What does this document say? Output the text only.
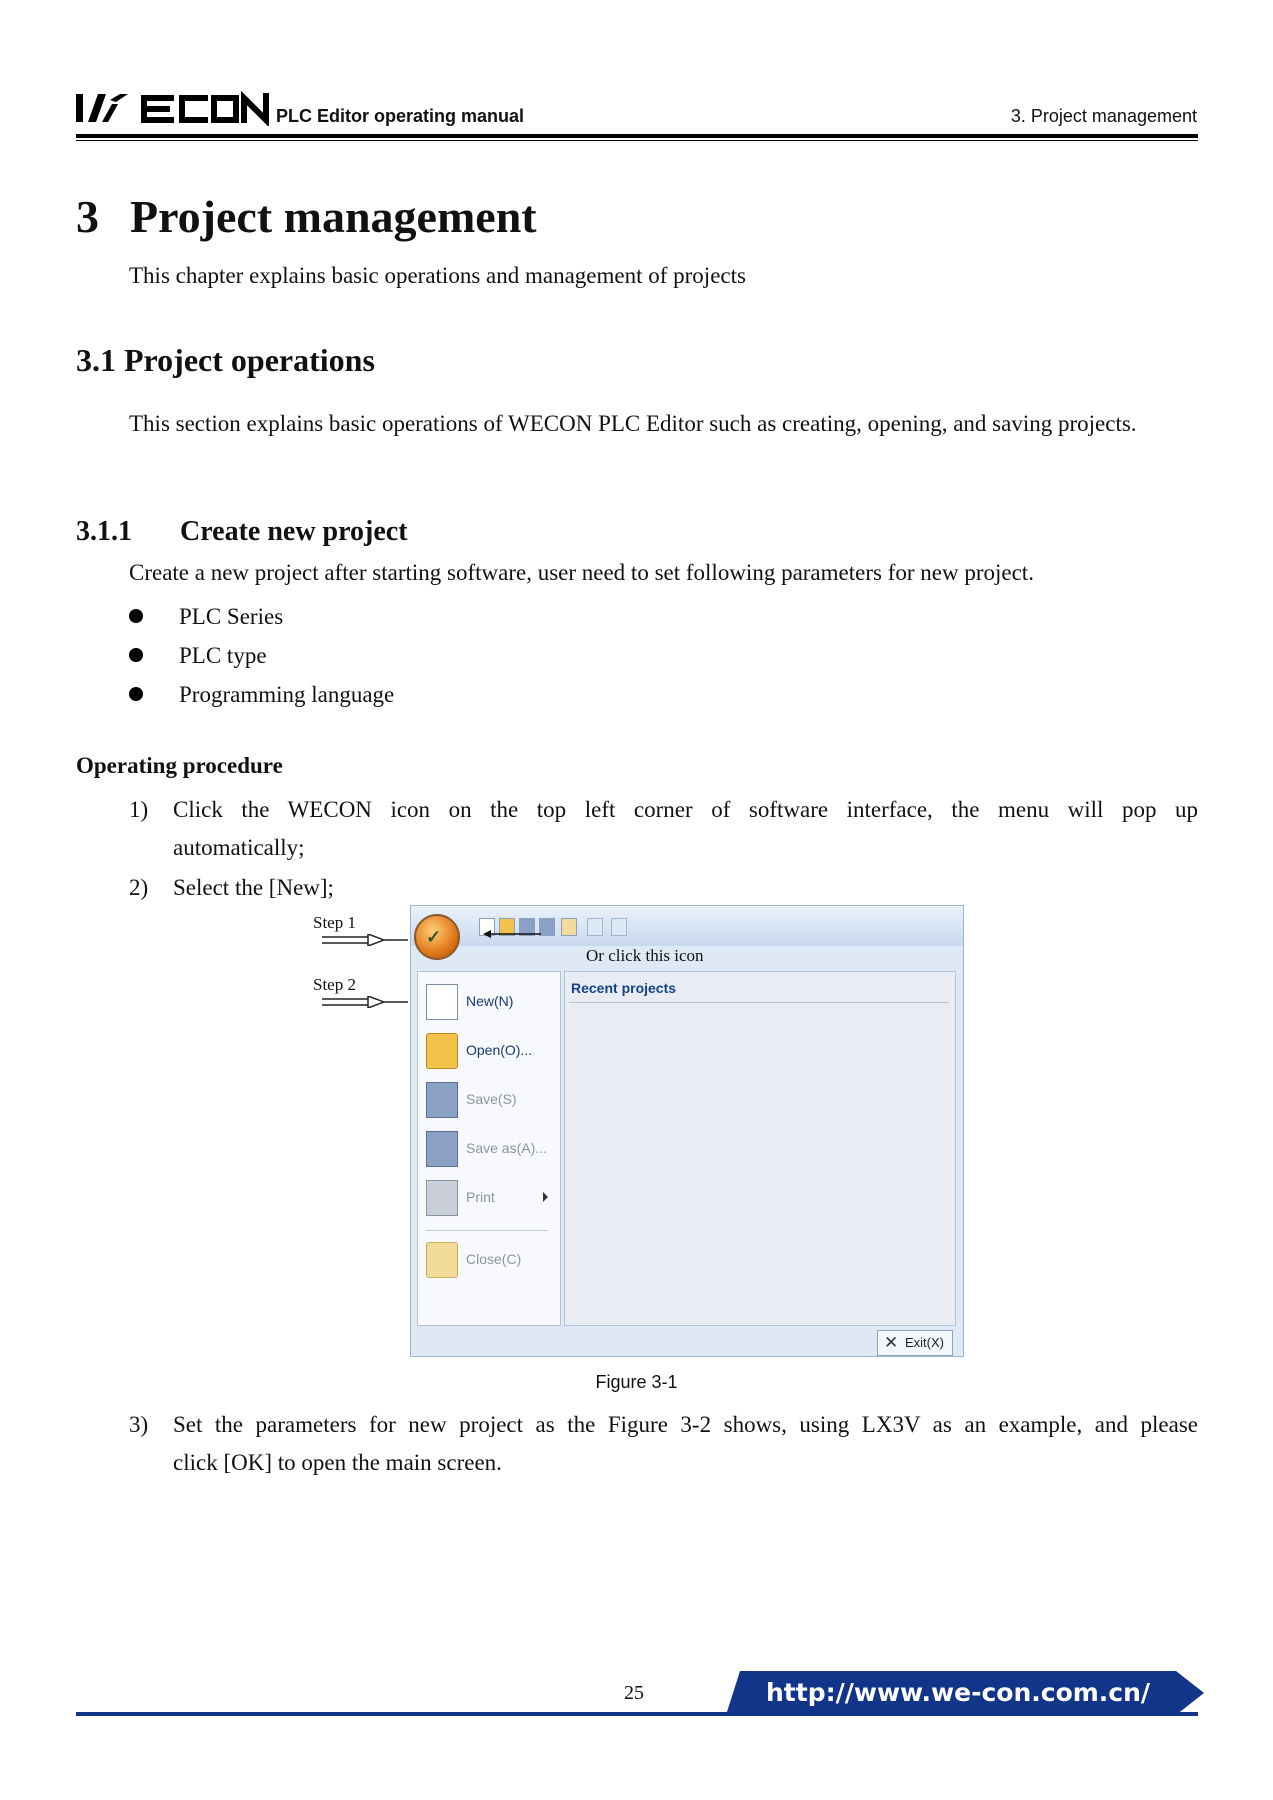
PLC Editor operating manual	3. Project management
3 Project management
This chapter explains basic operations and management of projects
3.1 Project operations
This section explains basic operations of WECON PLC Editor such as creating, opening, and saving projects.
3.1.1 Create new project
Create a new project after starting software, user need to set following parameters for new project.
PLC Series
PLC type
Programming language
Operating procedure
1) Click the WECON icon on the top left corner of software interface, the menu will pop up
automatically;
2) Select the [New];
Step 1
Step 2
✓
Or click this icon
New(N)
Open(O)...
Save(S)
Save as(A)...
Print
Close(C)
Recent projects
✕ Exit(X)
Figure 3-1
3) Set the parameters for new project as the Figure 3-2 shows, using LX3V as an example, and please
click [OK] to open the main screen.
25	http://www.we-con.com.cn/
